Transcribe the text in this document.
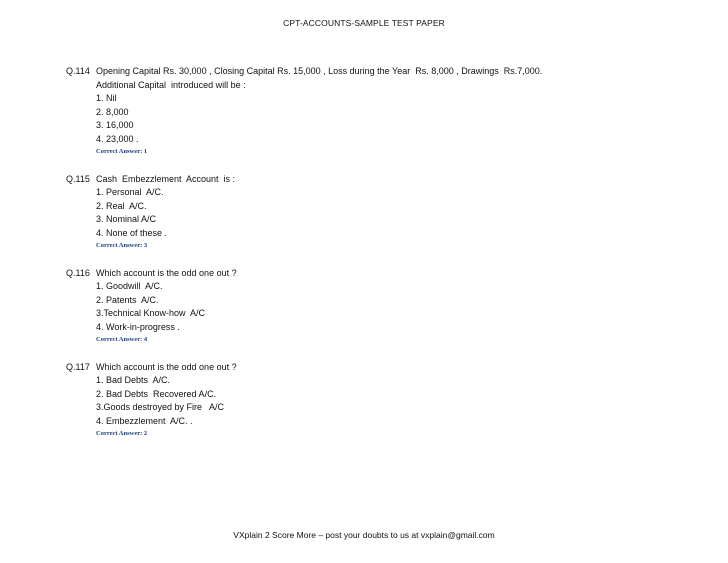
CPT-ACCOUNTS-SAMPLE TEST PAPER
Q.114 Opening Capital Rs. 30,000 , Closing Capital Rs. 15,000 , Loss during the Year  Rs. 8,000 , Drawings  Rs.7,000.
Additional Capital  introduced will be :
1. Nil
2. 8,000
3. 16,000
4. 23,000 .
Correct Answer: 1
Q.115 Cash  Embezzlement  Account  is :
1. Personal  A/C.
2. Real  A/C.
3. Nominal A/C
4. None of these .
Correct Answer: 3
Q.116 Which account is the odd one out ?
1. Goodwill  A/C.
2. Patents  A/C.
3.Technical Know-how  A/C
4. Work-in-progress .
Correct Answer: 4
Q.117 Which account is the odd one out ?
1. Bad Debts  A/C.
2. Bad Debts  Recovered A/C.
3.Goods destroyed by Fire   A/C
4. Embezzlement  A/C. .
Correct Answer: 2
VXplain 2 Score More – post your doubts to us at vxplain@gmail.com
